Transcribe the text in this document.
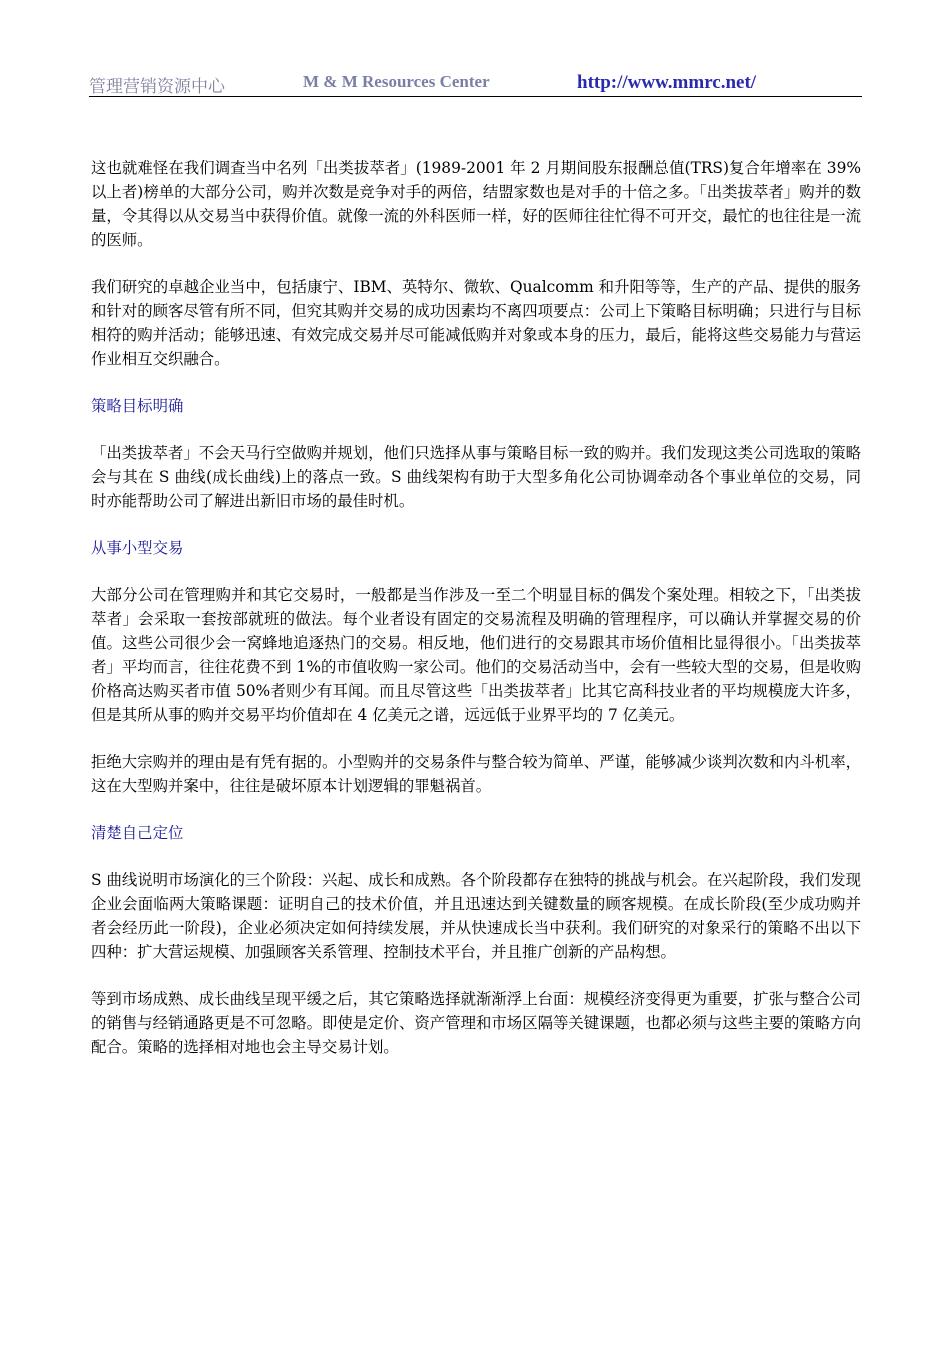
管理营销资源中心	M & M Resources Center	http://www.mmrc.net/

这也就难怪在我们调查当中名列「出类拔萃者」(1989-2001 年 2 月期间股东报酬总值(TRS)复合年增率在 39%以上者)榜单的大部分公司，购并次数是竞争对手的两倍，结盟家数也是对手的十倍之多。「出类拔萃者」购并的数量，令其得以从交易当中获得价值。就像一流的外科医师一样，好的医师往往忙得不可开交，最忙的也往往是一流的医师。

我们研究的卓越企业当中，包括康宁、IBM、英特尔、微软、Qualcomm 和升阳等等，生产的产品、提供的服务和针对的顾客尽管有所不同，但究其购并交易的成功因素均不离四项要点：公司上下策略目标明确；只进行与目标相符的购并活动；能够迅速、有效完成交易并尽可能减低购并对象或本身的压力，最后，能将这些交易能力与营运作业相互交织融合。

策略目标明确

「出类拔萃者」不会天马行空做购并规划，他们只选择从事与策略目标一致的购并。我们发现这类公司选取的策略会与其在 S 曲线(成长曲线)上的落点一致。S 曲线架构有助于大型多角化公司协调牵动各个事业单位的交易，同时亦能帮助公司了解进出新旧市场的最佳时机。

从事小型交易

大部分公司在管理购并和其它交易时，一般都是当作涉及一至二个明显目标的偶发个案处理。相较之下，「出类拔萃者」会采取一套按部就班的做法。每个业者设有固定的交易流程及明确的管理程序，可以确认并掌握交易的价值。这些公司很少会一窝蜂地追逐热门的交易。相反地，他们进行的交易跟其市场价值相比显得很小。「出类拔萃者」平均而言，往往花费不到 1%的市值收购一家公司。他们的交易活动当中，会有一些较大型的交易，但是收购价格高达购买者市值 50%者则少有耳闻。而且尽管这些「出类拔萃者」比其它高科技业者的平均规模庞大许多，但是其所从事的购并交易平均价值却在 4 亿美元之谱，远远低于业界平均的 7 亿美元。

拒绝大宗购并的理由是有凭有据的。小型购并的交易条件与整合较为简单、严谨，能够减少谈判次数和内斗机率，这在大型购并案中，往往是破坏原本计划逻辑的罪魁祸首。

清楚自己定位

S 曲线说明市场演化的三个阶段：兴起、成长和成熟。各个阶段都存在独特的挑战与机会。在兴起阶段，我们发现企业会面临两大策略课题：证明自己的技术价值，并且迅速达到关键数量的顾客规模。在成长阶段(至少成功购并者会经历此一阶段)，企业必须决定如何持续发展，并从快速成长当中获利。我们研究的对象采行的策略不出以下四种：扩大营运规模、加强顾客关系管理、控制技术平台，并且推广创新的产品构想。

等到市场成熟、成长曲线呈现平缓之后，其它策略选择就渐渐浮上台面：规模经济变得更为重要，扩张与整合公司的销售与经销通路更是不可忽略。即使是定价、资产管理和市场区隔等关键课题，也都必须与这些主要的策略方向配合。策略的选择相对地也会主导交易计划。
